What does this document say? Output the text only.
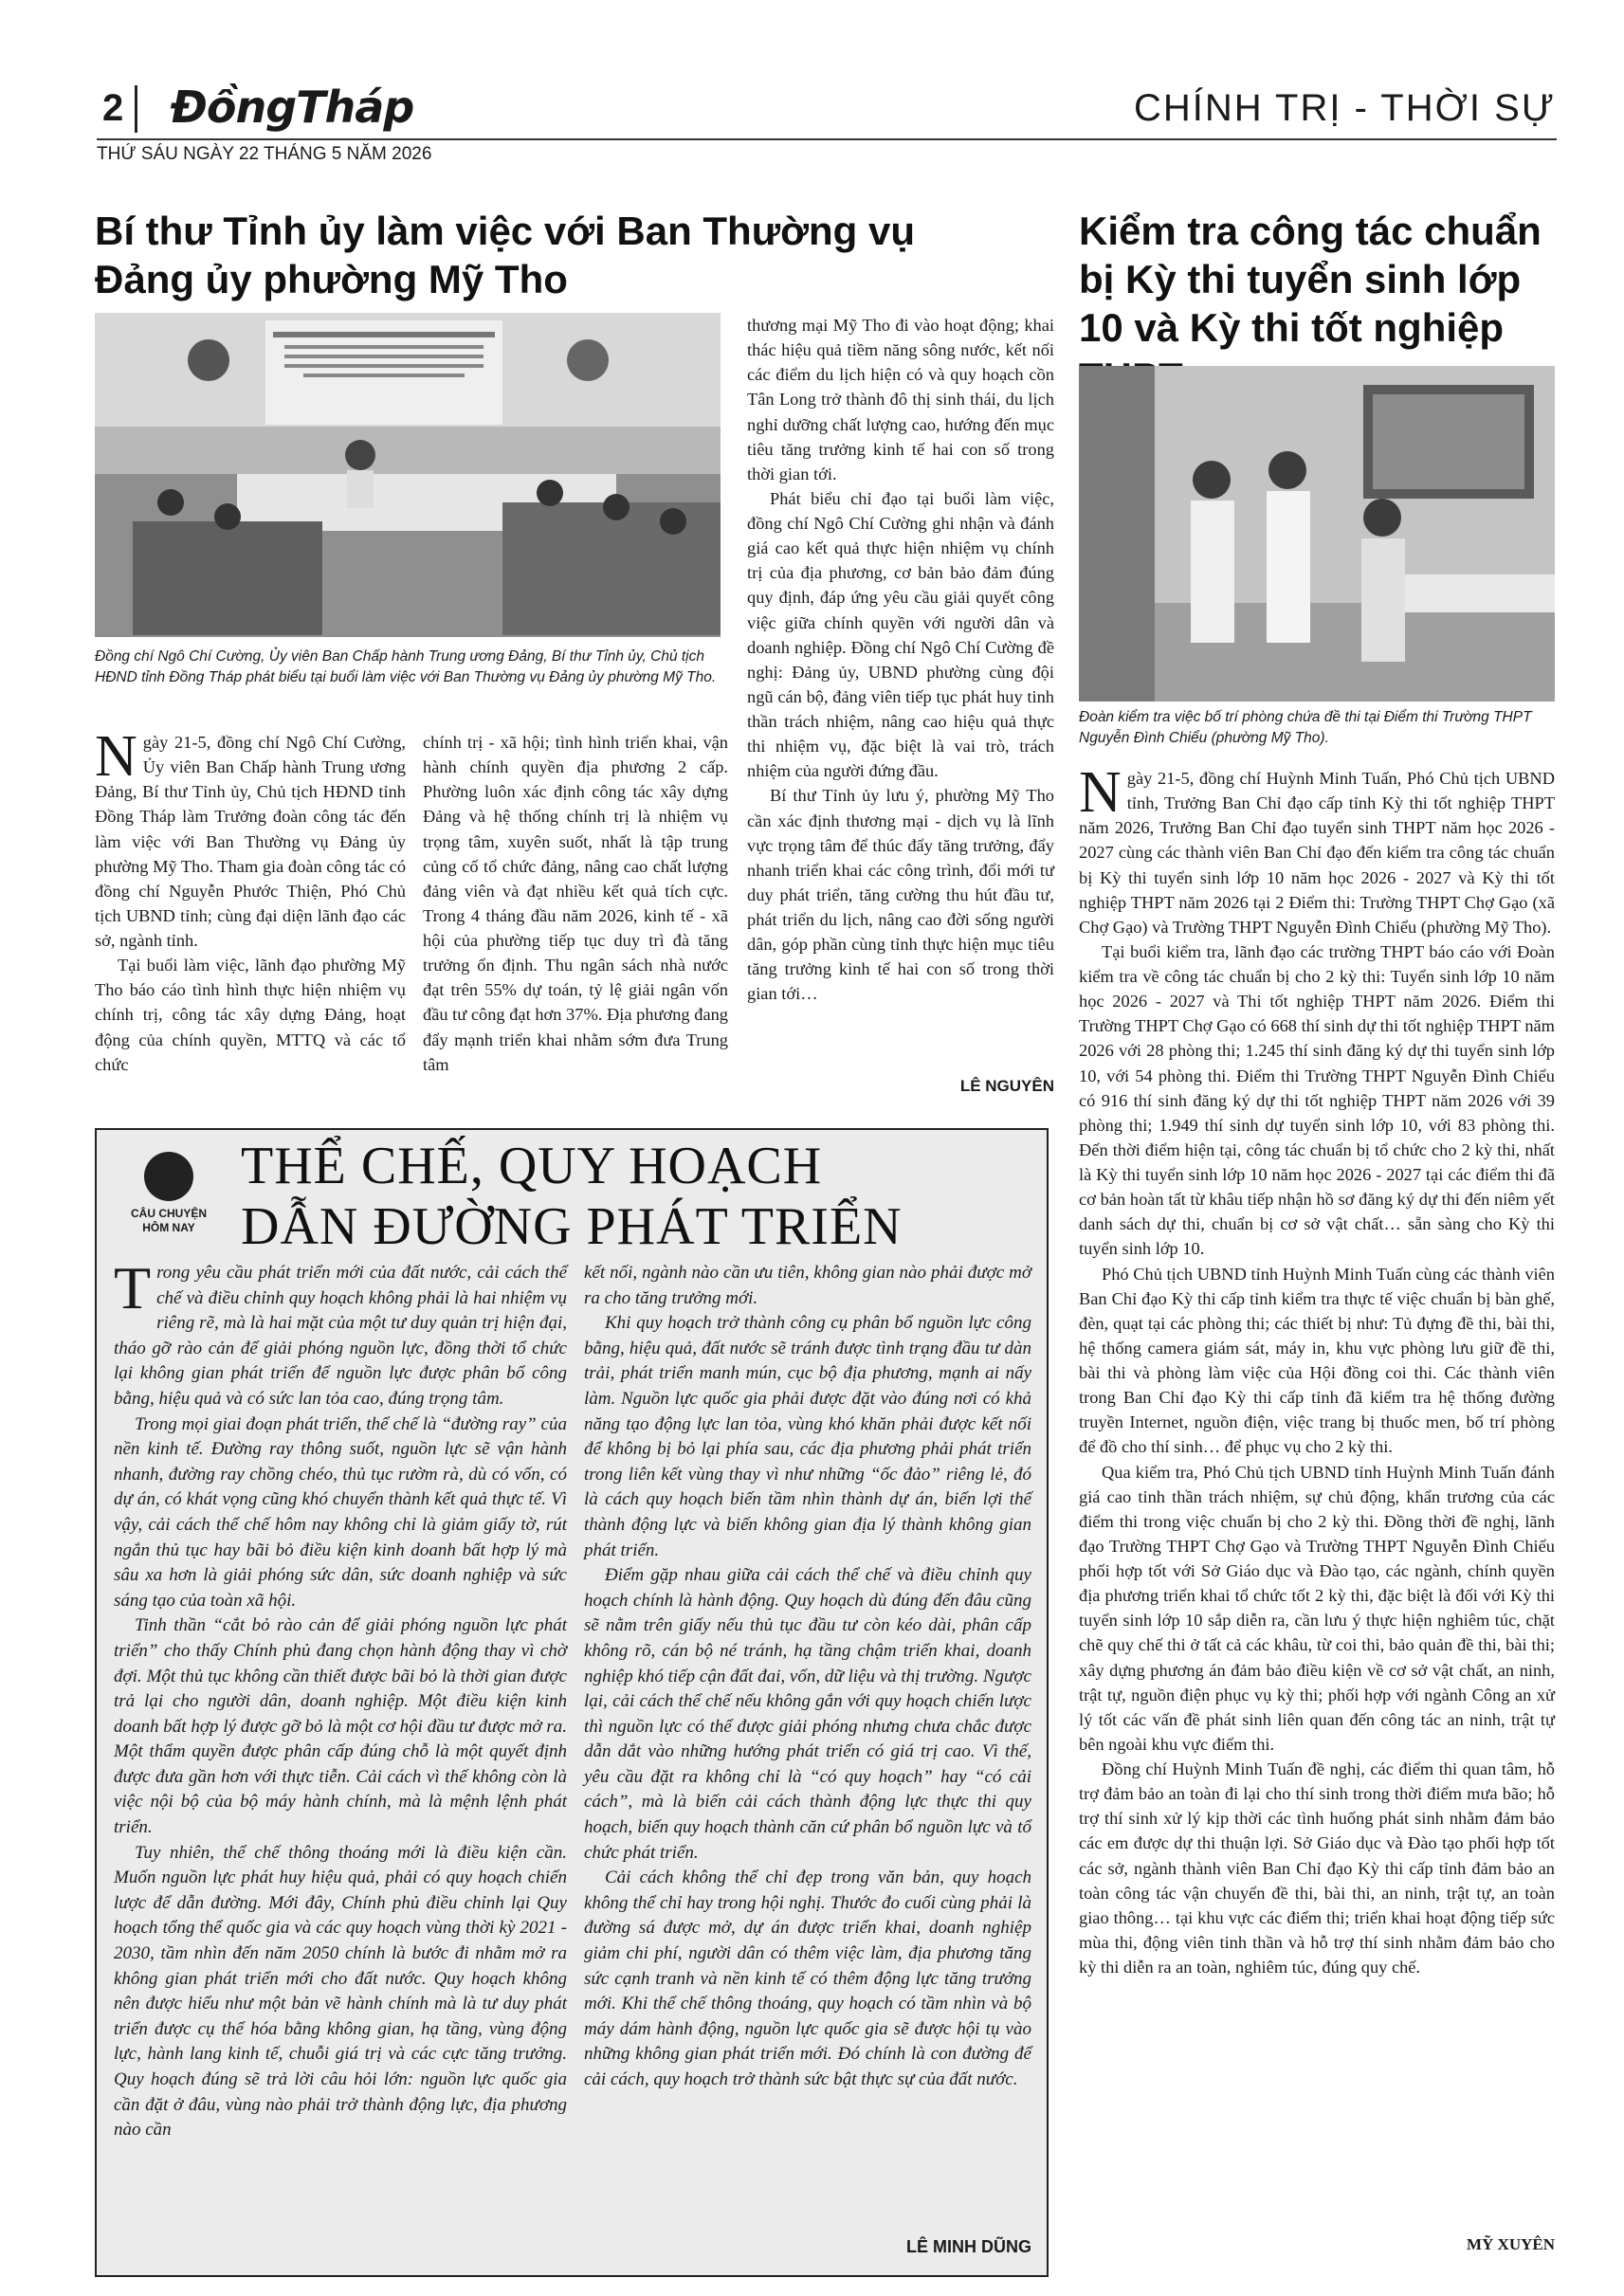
2 ĐồngTháp	CHÍNH TRỊ - THỜI SỰ
THỨ SÁU NGÀY 22 THÁNG 5 NĂM 2026
Bí thư Tỉnh ủy làm việc với Ban Thường vụ Đảng ủy phường Mỹ Tho
Đồng chí Ngô Chí Cường, Ủy viên Ban Chấp hành Trung ương Đảng, Bí thư Tỉnh ủy, Chủ tịch HĐND tỉnh Đồng Tháp phát biểu tại buổi làm việc với Ban Thường vụ Đảng ủy phường Mỹ Tho.

Ngày 21-5, đồng chí Ngô Chí Cường, Ủy viên Ban Chấp hành Trung ương Đảng, Bí thư Tỉnh ủy, Chủ tịch HĐND tỉnh Đồng Tháp làm Trưởng đoàn công tác đến làm việc với Ban Thường vụ Đảng ủy phường Mỹ Tho. Tham gia đoàn công tác có đồng chí Nguyễn Phước Thiện, Phó Chủ tịch UBND tỉnh; cùng đại diện lãnh đạo các sở, ngành tỉnh.

Tại buổi làm việc, lãnh đạo phường Mỹ Tho báo cáo tình hình thực hiện nhiệm vụ chính trị, công tác xây dựng Đảng, hoạt động của chính quyền, MTTQ và các tổ chức

chính trị - xã hội; tình hình triển khai, vận hành chính quyền địa phương 2 cấp. Phường luôn xác định công tác xây dựng Đảng và hệ thống chính trị là nhiệm vụ trọng tâm, xuyên suốt, nhất là tập trung củng cố tổ chức đảng, nâng cao chất lượng đảng viên và đạt nhiều kết quả tích cực. Trong 4 tháng đầu năm 2026, kinh tế - xã hội của phường tiếp tục duy trì đà tăng trưởng ổn định. Thu ngân sách nhà nước đạt trên 55% dự toán, tỷ lệ giải ngân vốn đầu tư công đạt hơn 37%. Địa phương đang đẩy mạnh triển khai nhằm sớm đưa Trung tâm

thương mại Mỹ Tho đi vào hoạt động; khai thác hiệu quả tiềm năng sông nước, kết nối các điểm du lịch hiện có và quy hoạch cồn Tân Long trở thành đô thị sinh thái, du lịch nghỉ dưỡng chất lượng cao, hướng đến mục tiêu tăng trưởng kinh tế hai con số trong thời gian tới.

Phát biểu chỉ đạo tại buổi làm việc, đồng chí Ngô Chí Cường ghi nhận và đánh giá cao kết quả thực hiện nhiệm vụ chính trị của địa phương, cơ bản bảo đảm đúng quy định, đáp ứng yêu cầu giải quyết công việc giữa chính quyền với người dân và doanh nghiệp. Đồng chí Ngô Chí Cường đề nghị: Đảng ủy, UBND phường cùng đội ngũ cán bộ, đảng viên tiếp tục phát huy tinh thần trách nhiệm, nâng cao hiệu quả thực thi nhiệm vụ, đặc biệt là vai trò, trách nhiệm của người đứng đầu.

Bí thư Tỉnh ủy lưu ý, phường Mỹ Tho cần xác định thương mại - dịch vụ là lĩnh vực trọng tâm để thúc đẩy tăng trưởng, đẩy nhanh triển khai các công trình, đổi mới tư duy phát triển, tăng cường thu hút đầu tư, phát triển du lịch, nâng cao đời sống người dân, góp phần cùng tỉnh thực hiện mục tiêu tăng trưởng kinh tế hai con số trong thời gian tới…

LÊ NGUYÊN
Kiểm tra công tác chuẩn bị Kỳ thi tuyển sinh lớp 10 và Kỳ thi tốt nghiệp
Đoàn kiểm tra việc bố trí phòng chứa đề thi tại Điểm thi Trường THPT Nguyễn Đình Chiểu (phường Mỹ Tho).

Ngày 21-5, đồng chí Huỳnh Minh Tuấn, Phó Chủ tịch UBND tỉnh, Trưởng Ban Chỉ đạo cấp tỉnh Kỳ thi tốt nghiệp THPT năm 2026, Trưởng Ban Chỉ đạo tuyển sinh THPT năm học 2026 - 2027 cùng các thành viên Ban Chỉ đạo đến kiểm tra công tác chuẩn bị Kỳ thi tuyển sinh lớp 10 năm học 2026 - 2027 và Kỳ thi tốt nghiệp THPT năm 2026 tại 2 Điểm thi: Trường THPT Chợ Gạo (xã Chợ Gạo) và Trường THPT Nguyễn Đình Chiểu (phường Mỹ Tho).

Tại buổi kiểm tra, lãnh đạo các trường THPT báo cáo với Đoàn kiểm tra về công tác chuẩn bị cho 2 kỳ thi: Tuyển sinh lớp 10 năm học 2026 - 2027 và Thi tốt nghiệp THPT năm 2026. Điểm thi Trường THPT Chợ Gạo có 668 thí sinh dự thi tốt nghiệp THPT năm 2026 với 28 phòng thi; 1.245 thí sinh đăng ký dự thi tuyển sinh lớp 10, với 54 phòng thi. Điểm thi Trường THPT Nguyễn Đình Chiểu có 916 thí sinh đăng ký dự thi tốt nghiệp THPT năm 2026 với 39 phòng thi; 1.949 thí sinh dự tuyển sinh lớp 10, với 83 phòng thi. Đến thời điểm hiện tại, công tác chuẩn bị tổ chức cho 2 kỳ thi, nhất là Kỳ thi tuyển sinh lớp 10 năm học 2026 - 2027 tại các điểm thi đã cơ bản hoàn tất từ khâu tiếp nhận hồ sơ đăng ký dự thi đến niêm yết danh sách dự thi, chuẩn bị cơ sở vật chất… sẵn sàng cho Kỳ thi tuyển sinh lớp 10.

Phó Chủ tịch UBND tỉnh Huỳnh Minh Tuấn cùng các thành viên Ban Chỉ đạo Kỳ thi cấp tỉnh kiểm tra thực tế việc chuẩn bị bàn ghế, đèn, quạt tại các phòng thi; các thiết bị như: Tủ đựng đề thi, bài thi, hệ thống camera giám sát, máy in, khu vực phòng lưu giữ đề thi, bài thi và phòng làm việc của Hội đồng coi thi. Các thành viên trong Ban Chỉ đạo Kỳ thi cấp tỉnh đã kiểm tra hệ thống đường truyền Internet, nguồn điện, việc trang bị thuốc men, bố trí phòng để đồ cho thí sinh… để phục vụ cho 2 kỳ thi.

Qua kiểm tra, Phó Chủ tịch UBND tỉnh Huỳnh Minh Tuấn đánh giá cao tinh thần trách nhiệm, sự chủ động, khẩn trương của các điểm thi trong việc chuẩn bị cho 2 kỳ thi. Đồng thời đề nghị, lãnh đạo Trường THPT Chợ Gạo và Trường THPT Nguyễn Đình Chiểu phối hợp tốt với Sở Giáo dục và Đào tạo, các ngành, chính quyền địa phương triển khai tổ chức tốt 2 kỳ thi, đặc biệt là đối với Kỳ thi tuyển sinh lớp 10 sắp diễn ra, cần lưu ý thực hiện nghiêm túc, chặt chẽ quy chế thi ở tất cả các khâu, từ coi thi, bảo quản đề thi, bài thi; xây dựng phương án đảm bảo điều kiện về cơ sở vật chất, an ninh, trật tự, nguồn điện phục vụ kỳ thi; phối hợp với ngành Công an xử lý tốt các vấn đề phát sinh liên quan đến công tác an ninh, trật tự bên ngoài khu vực điểm thi.

Đồng chí Huỳnh Minh Tuấn đề nghị, các điểm thi quan tâm, hỗ trợ đảm bảo an toàn đi lại cho thí sinh trong thời điểm mưa bão; hỗ trợ thí sinh xử lý kịp thời các tình huống phát sinh nhằm đảm bảo các em được dự thi thuận lợi. Sở Giáo dục và Đào tạo phối hợp tốt các sở, ngành thành viên Ban Chỉ đạo Kỳ thi cấp tỉnh đảm bảo an toàn công tác vận chuyển đề thi, bài thi, an ninh, trật tự, an toàn giao thông… tại khu vực các điểm thi; triển khai hoạt động tiếp sức mùa thi, động viên tinh thần và hỗ trợ thí sinh nhằm đảm bảo cho kỳ thi diễn ra an toàn, nghiêm túc, đúng quy chế.

MỸ XUYÊN
CÂU CHUYỆN HÔM NAY
THỂ CHẾ, QUY HOẠCH
DẪN ĐƯỜNG PHÁT TRIỂN

Trong yêu cầu phát triển mới của đất nước, cải cách thể chế và điều chỉnh quy hoạch không phải là hai nhiệm vụ riêng rẽ, mà là hai mặt của một tư duy quản trị hiện đại, tháo gỡ rào cản để giải phóng nguồn lực, đồng thời tổ chức lại không gian phát triển để nguồn lực được phân bổ công bằng, hiệu quả và có sức lan tỏa cao, đúng trọng tâm.

Trong mọi giai đoạn phát triển, thể chế là “đường ray” của nền kinh tế. Đường ray thông suốt, nguồn lực sẽ vận hành nhanh, đường ray chồng chéo, thủ tục rườm rà, dù có vốn, có dự án, có khát vọng cũng khó chuyển thành kết quả thực tế. Vì vậy, cải cách thể chế hôm nay không chỉ là giảm giấy tờ, rút ngắn thủ tục hay bãi bỏ điều kiện kinh doanh bất hợp lý mà sâu xa hơn là giải phóng sức dân, sức doanh nghiệp và sức sáng tạo của toàn xã hội.

Tinh thần “cắt bỏ rào cản để giải phóng nguồn lực phát triển” cho thấy Chính phủ đang chọn hành động thay vì chờ đợi. Một thủ tục không cần thiết được bãi bỏ là thời gian được trả lại cho người dân, doanh nghiệp. Một điều kiện kinh doanh bất hợp lý được gỡ bỏ là một cơ hội đầu tư được mở ra. Một thẩm quyền được phân cấp đúng chỗ là một quyết định được đưa gần hơn với thực tiễn. Cải cách vì thế không còn là việc nội bộ của bộ máy hành chính, mà là mệnh lệnh phát triển.

Tuy nhiên, thể chế thông thoáng mới là điều kiện cần. Muốn nguồn lực phát huy hiệu quả, phải có quy hoạch chiến lược để dẫn đường. Mới đây, Chính phủ điều chỉnh lại Quy hoạch tổng thể quốc gia và các quy hoạch vùng thời kỳ 2021 - 2030, tầm nhìn đến năm 2050 chính là bước đi nhằm mở ra không gian phát triển mới cho đất nước. Quy hoạch không nên được hiểu như một bản vẽ hành chính mà là tư duy phát triển được cụ thể hóa bằng không gian, hạ tầng, vùng động lực, hành lang kinh tế, chuỗi giá trị và các cực tăng trưởng. Quy hoạch đúng sẽ trả lời câu hỏi lớn: nguồn lực quốc gia cần đặt ở đâu, vùng nào phải trở thành động lực, địa phương nào cần

kết nối, ngành nào cần ưu tiên, không gian nào phải được mở ra cho tăng trưởng mới.

Khi quy hoạch trở thành công cụ phân bổ nguồn lực công bằng, hiệu quả, đất nước sẽ tránh được tình trạng đầu tư dàn trải, phát triển manh mún, cục bộ địa phương, mạnh ai nấy làm. Nguồn lực quốc gia phải được đặt vào đúng nơi có khả năng tạo động lực lan tỏa, vùng khó khăn phải được kết nối để không bị bỏ lại phía sau, các địa phương phải phát triển trong liên kết vùng thay vì như những “ốc đảo” riêng lẻ, đó là cách quy hoạch biến tầm nhìn thành dự án, biến lợi thế thành động lực và biến không gian địa lý thành không gian phát triển.

Điểm gặp nhau giữa cải cách thể chế và điều chỉnh quy hoạch chính là hành động. Quy hoạch dù đúng đến đâu cũng sẽ nằm trên giấy nếu thủ tục đầu tư còn kéo dài, phân cấp không rõ, cán bộ né tránh, hạ tầng chậm triển khai, doanh nghiệp khó tiếp cận đất đai, vốn, dữ liệu và thị trường. Ngược lại, cải cách thể chế nếu không gắn với quy hoạch chiến lược thì nguồn lực có thể được giải phóng nhưng chưa chắc được dẫn dắt vào những hướng phát triển có giá trị cao. Vì thế, yêu cầu đặt ra không chỉ là “có quy hoạch” hay “có cải cách”, mà là biến cải cách thành động lực thực thi quy hoạch, biến quy hoạch thành căn cứ phân bổ nguồn lực và tổ chức phát triển.

Cải cách không thể chỉ đẹp trong văn bản, quy hoạch không thể chỉ hay trong hội nghị. Thước đo cuối cùng phải là đường sá được mở, dự án được triển khai, doanh nghiệp giảm chi phí, người dân có thêm việc làm, địa phương tăng sức cạnh tranh và nền kinh tế có thêm động lực tăng trưởng mới. Khi thể chế thông thoáng, quy hoạch có tầm nhìn và bộ máy dám hành động, nguồn lực quốc gia sẽ được hội tụ vào những không gian phát triển mới. Đó chính là con đường để cải cách, quy hoạch trở thành sức bật thực sự của đất nước.

LÊ MINH DŨNG
